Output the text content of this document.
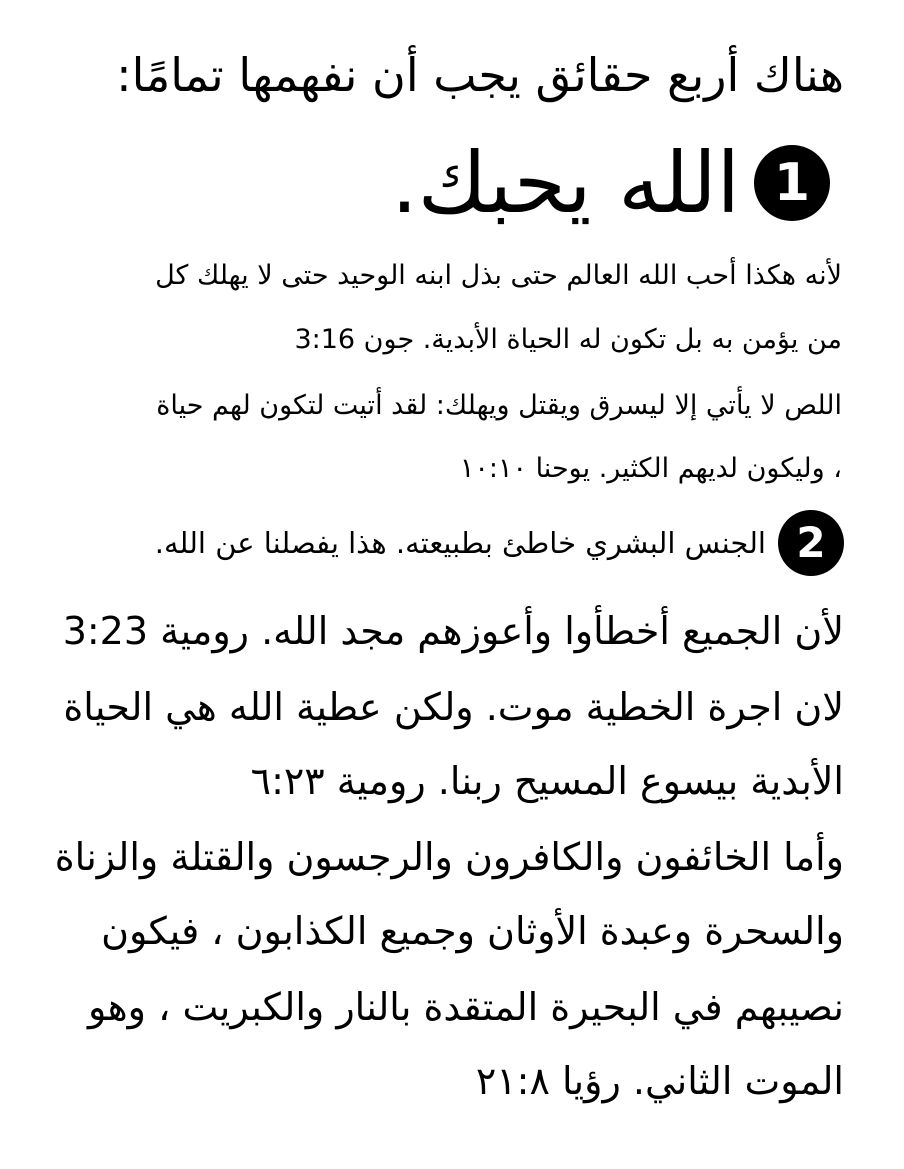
هناك أربع حقائق يجب أن نفهمها تمامًا:
1
الله يحبك.
لأنه هكذا أحب الله العالم حتى بذل ابنه الوحيد حتى لا يهلك كل
من يؤمن به بل تكون له الحياة الأبدية. جون 3:16
اللص لا يأتي إلا ليسرق ويقتل ويهلك: لقد أتيت لتكون لهم حياة
، وليكون لديهم الكثير. يوحنا ١٠:١٠
2
الجنس البشري خاطئ بطبيعته. هذا يفصلنا عن الله.
لأن الجميع أخطأوا وأعوزهم مجد الله. رومية 3:23
لان اجرة الخطية موت. ولكن عطية الله هي الحياة
الأبدية بيسوع المسيح ربنا. رومية ٦:٢٣
وأما الخائفون والكافرون والرجسون والقتلة والزناة
والسحرة وعبدة الأوثان وجميع الكذابون ، فيكون
نصيبهم في البحيرة المتقدة بالنار والكبريت ، وهو
الموت الثاني. رؤيا ٢١:٨
